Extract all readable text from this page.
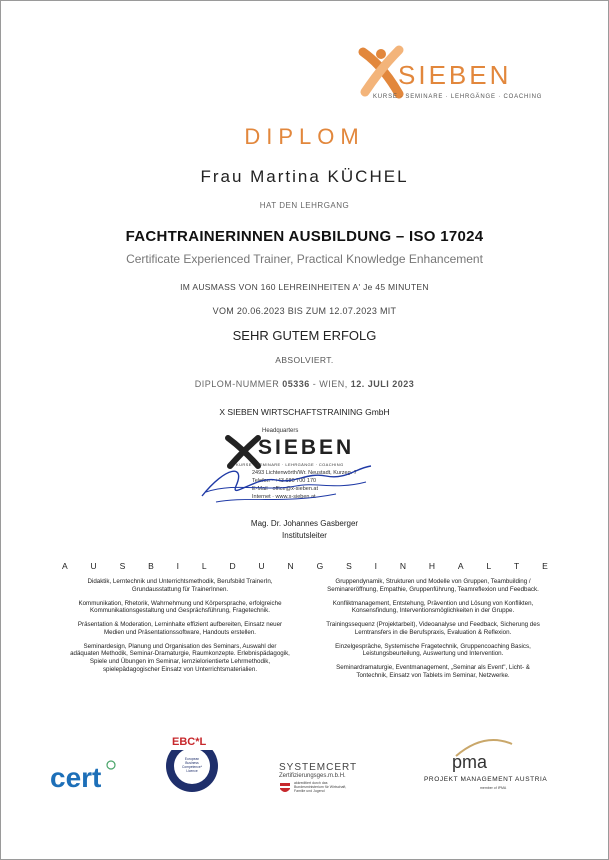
SIEBEN
KURSE · SEMINARE · LEHRGÄNGE · COACHING
DIPLOM
Frau Martina KÜCHEL
HAT DEN LEHRGANG
FACHTRAINERINNEN AUSBILDUNG – ISO 17024
Certificate Experienced Trainer, Practical Knowledge Enhancement
IM AUSMASS VON 160 LEHREINHEITEN A' Je 45 MINUTEN
VOM 20.06.2023 BIS ZUM 12.07.2023 MIT
SEHR GUTEM ERFOLG
ABSOLVIERT.
DIPLOM-NUMMER 05336 - WIEN, 12. JULI 2023
X SIEBEN WIRTSCHAFTSTRAINING GmbH
Headquarters
SIEBEN
KURSE · SEMINARE · LEHRGÄNGE · COACHING
2493 Lichtenwörth/Wr. Neustadt, Kurzeg. 7
Telefon · +43 680 700 170
E-Mail · office@x-sieben.at
Internet · www.x-sieben.at
Mag. Dr. Johannes Gasberger
Institutsleiter
A	U	S	B	I	L	D	U	N	G	S	I	N	H	A	L	T	E

Didaktik, Lerntechnik und Unterrichtsmethodik, Berufsbild TrainerIn, Grundausstattung für TrainerInnen.

Kommunikation, Rhetorik, Wahrnehmung und Körpersprache, erfolgreiche Kommunikationsgestaltung und Gesprächsführung, Fragetechnik.

Präsentation & Moderation, Lerninhalte effizient aufbereiten, Einsatz neuer Medien und Präsentationssoftware, Handouts erstellen.

Seminardesign, Planung und Organisation des Seminars, Auswahl der adäquaten Methodik, Seminar-Dramaturgie, Raumkonzepte. Erlebnispädagogik, Spiele und Übungen im Seminar, lernzielorientierte Lehrmethodik, spielepädagogischer Einsatz von Unterrichtsmaterialien.

Gruppendynamik, Strukturen und Modelle von Gruppen, Teambuilding / Seminareröffnung, Empathie, Gruppenführung, Teamreflexion und Feedback.

Konfliktmanagement, Entstehung, Prävention und Lösung von Konflikten, Konsensfindung, Interventionsmöglichkeiten in der Gruppe.

Trainingssequenz (Projektarbeit), Videoanalyse und Feedback, Sicherung des Lerntransfers in die Berufspraxis, Evaluation & Reflexion.

Einzelgespräche, Systemische Fragetechnik, Gruppencoaching Basics, Leistungsbeurteilung, Auswertung und Intervention.

Seminardramaturgie, Eventmanagement, „Seminar als Event", Licht- & Tontechnik, Einsatz von Tablets im Seminar, Netzwerke.

cert
EBC*L
European Business Competence* Licence	SYSTEMCERT
Zertifizierungsges.m.b.H.
akkreditiert durch das Bundesministerium für Wirtschaft, Familie und Jugend
pma
PROJEKT MANAGEMENT AUSTRIA
member of IPMA
